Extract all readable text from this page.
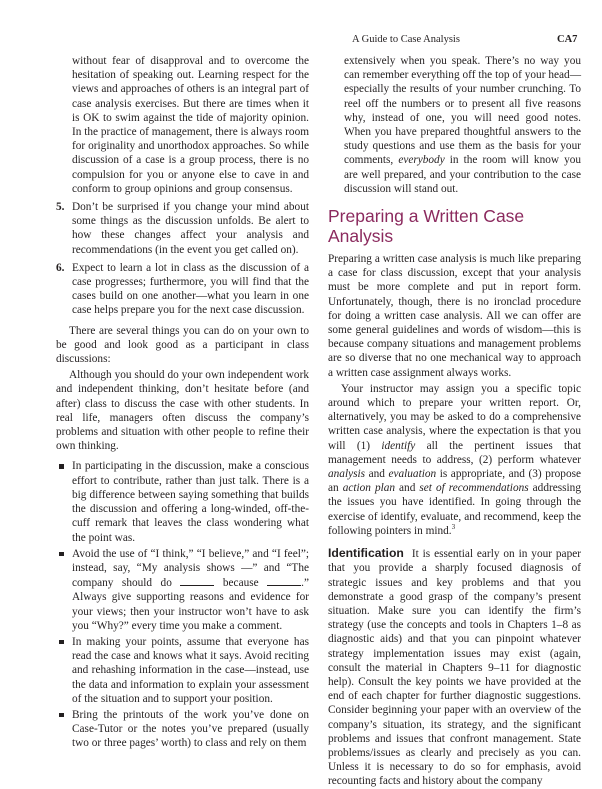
A Guide to Case Analysis	CA7

without fear of disapproval and to overcome the hesitation of speaking out. Learning respect for the views and approaches of others is an integral part of case analysis exercises. But there are times when it is OK to swim against the tide of majority opinion. In the practice of management, there is always room for originality and unorthodox approaches. So while discussion of a case is a group process, there is no compulsion for you or anyone else to cave in and conform to group opinions and group consensus.

5. Don’t be surprised if you change your mind about some things as the discussion unfolds. Be alert to how these changes affect your analysis and recommendations (in the event you get called on).
6. Expect to learn a lot in class as the discussion of a case progresses; furthermore, you will find that the cases build on one another—what you learn in one case helps prepare you for the next case discussion.

There are several things you can do on your own to be good and look good as a participant in class discussions:

Although you should do your own independent work and independent thinking, don’t hesitate before (and after) class to discuss the case with other students. In real life, managers often discuss the company’s problems and situation with other people to refine their own thinking.

In participating in the discussion, make a conscious effort to contribute, rather than just talk. There is a big difference between saying something that builds the discussion and offering a long-winded, off-the-cuff remark that leaves the class wondering what the point was.
Avoid the use of “I think,” “I believe,” and “I feel”; instead, say, “My analysis shows —” and “The company should do	because	.” Always give supporting reasons and evidence for your views; then your instructor won’t have to ask you “Why?” every time you make a comment.
In making your points, assume that everyone has read the case and knows what it says. Avoid reciting and rehashing information in the case—instead, use the data and information to explain your assessment of the situation and to support your position.
Bring the printouts of the work you’ve done on Case-Tutor or the notes you’ve prepared (usually two or three pages’ worth) to class and rely on them

extensively when you speak. There’s no way you can remember everything off the top of your head—especially the results of your number crunching. To reel off the numbers or to present all five reasons why, instead of one, you will need good notes. When you have prepared thoughtful answers to the study questions and use them as the basis for your comments, everybody in the room will know you are well prepared, and your contribution to the case discussion will stand out.

Preparing a Written Case Analysis

Preparing a written case analysis is much like preparing a case for class discussion, except that your analysis must be more complete and put in report form. Unfortunately, though, there is no ironclad procedure for doing a written case analysis. All we can offer are some general guidelines and words of wisdom—this is because company situations and management problems are so diverse that no one mechanical way to approach a written case assignment always works.

Your instructor may assign you a specific topic around which to prepare your written report. Or, alternatively, you may be asked to do a comprehensive written case analysis, where the expectation is that you will (1) identify all the pertinent issues that management needs to address, (2) perform whatever analysis and evaluation is appropriate, and (3) propose an action plan and set of recommendations addressing the issues you have identified. In going through the exercise of identify, evaluate, and recommend, keep the following pointers in mind.$^3$

Identification It is essential early on in your paper that you provide a sharply focused diagnosis of strategic issues and key problems and that you demonstrate a good grasp of the company’s present situation. Make sure you can identify the firm’s strategy (use the concepts and tools in Chapters 1–8 as diagnostic aids) and that you can pinpoint whatever strategy implementation issues may exist (again, consult the material in Chapters 9–11 for diagnostic help). Consult the key points we have provided at the end of each chapter for further diagnostic suggestions. Consider beginning your paper with an overview of the company’s situation, its strategy, and the significant problems and issues that confront management. State problems/issues as clearly and precisely as you can. Unless it is necessary to do so for emphasis, avoid recounting facts and history about the company
